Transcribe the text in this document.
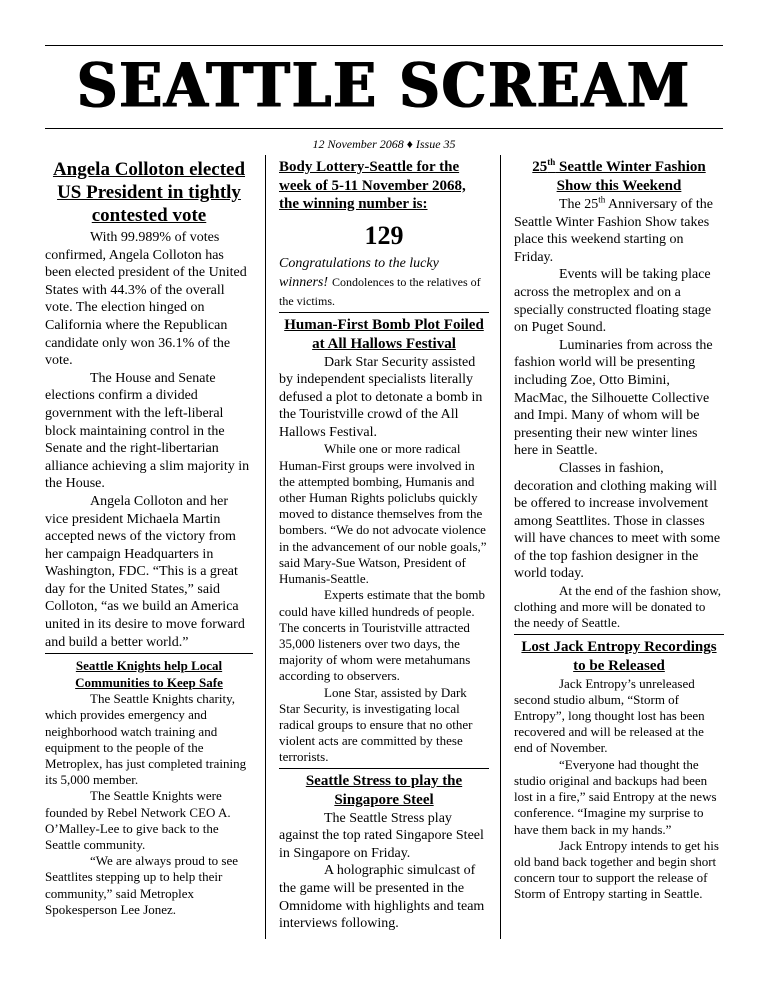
SEATTLE SCREAM
12 November 2068 ♦ Issue 35
Angela Colloton elected US President in tightly contested vote

With 99.989% of votes confirmed, Angela Colloton has been elected president of the United States with 44.3% of the overall vote. The election hinged on California where the Republican candidate only won 36.1% of the vote.

The House and Senate elections confirm a divided government with the left-liberal block maintaining control in the Senate and the right-libertarian alliance achieving a slim majority in the House.

Angela Colloton and her vice president Michaela Martin accepted news of the victory from her campaign Headquarters in Washington, FDC. “This is a great day for the United States,” said Colloton, “as we build an America united in its desire to move forward and build a better world.”

Seattle Knights help Local Communities to Keep Safe

The Seattle Knights charity, which provides emergency and neighborhood watch training and equipment to the people of the Metroplex, has just completed training its 5,000 member.

The Seattle Knights were founded by Rebel Network CEO A. O’Malley-Lee to give back to the Seattle community.

“We are always proud to see Seattlites stepping up to help their community,” said Metroplex Spokesperson Lee Jonez.

Body Lottery-Seattle for the week of 5-11 November 2068, the winning number is:
129
Congratulations to the lucky winners! Condolences to the relatives of the victims.
Human-First Bomb Plot Foiled at All Hallows Festival

Dark Star Security assisted by independent specialists literally defused a plot to detonate a bomb in the Touristville crowd of the All Hallows Festival.

While one or more radical Human-First groups were involved in the attempted bombing, Humanis and other Human Rights policlubs quickly moved to distance themselves from the bombers. “We do not advocate violence in the advancement of our noble goals,” said Mary-Sue Watson, President of Humanis-Seattle.

Experts estimate that the bomb could have killed hundreds of people. The concerts in Touristville attracted 35,000 listeners over two days, the majority of whom were metahumans according to observers.

Lone Star, assisted by Dark Star Security, is investigating local radical groups to ensure that no other violent acts are committed by these terrorists.

Seattle Stress to play the Singapore Steel

The Seattle Stress play against the top rated Singapore Steel in Singapore on Friday.

A holographic simulcast of the game will be presented in the Omnidome with highlights and team interviews following.

25th Seattle Winter Fashion Show this Weekend

The 25th Anniversary of the Seattle Winter Fashion Show takes place this weekend starting on Friday.

Events will be taking place across the metroplex and on a specially constructed floating stage on Puget Sound.

Luminaries from across the fashion world will be presenting including Zoe, Otto Bimini, MacMac, the Silhouette Collective and Impi. Many of whom will be presenting their new winter lines here in Seattle.

Classes in fashion, decoration and clothing making will be offered to increase involvement among Seattlites. Those in classes will have chances to meet with some of the top fashion designer in the world today.

At the end of the fashion show, clothing and more will be donated to the needy of Seattle.

Lost Jack Entropy Recordings to be Released

Jack Entropy’s unreleased second studio album, “Storm of Entropy”, long thought lost has been recovered and will be released at the end of November.

“Everyone had thought the studio original and backups had been lost in a fire,” said Entropy at the news conference. “Imagine my surprise to have them back in my hands.”

Jack Entropy intends to get his old band back together and begin short concern tour to support the release of Storm of Entropy starting in Seattle.
